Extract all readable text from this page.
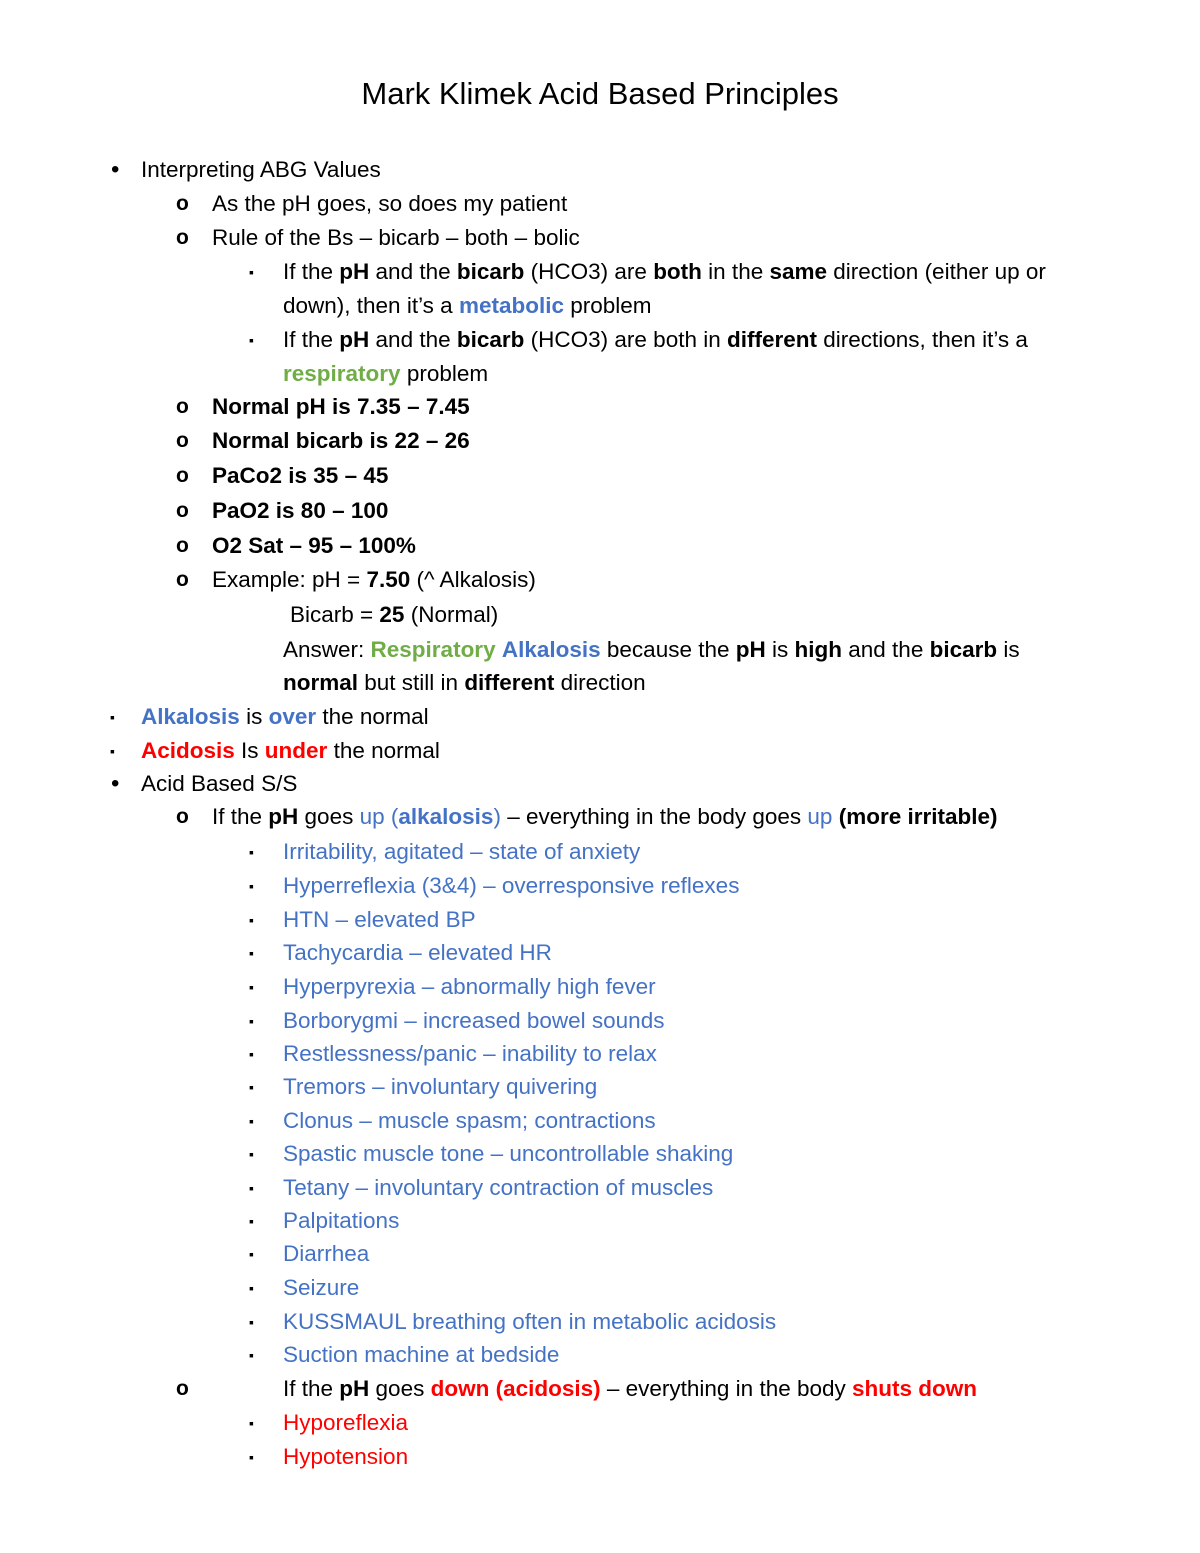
Mark Klimek Acid Based Principles
• Interpreting ABG Values
o As the pH goes, so does my patient
o Rule of the Bs – bicarb – both – bolic
▪ If the pH and the bicarb (HCO3) are both in the same direction (either up or
down), then it’s a metabolic problem
▪ If the pH and the bicarb (HCO3) are both in different directions, then it’s a
respiratory problem
o Normal pH is 7.35 – 7.45
o Normal bicarb is 22 – 26
o PaCo2 is 35 – 45
o PaO2 is 80 – 100
o O2 Sat – 95 – 100%
o Example: pH = 7.50 (^ Alkalosis)
Bicarb = 25 (Normal)
Answer: Respiratory Alkalosis because the pH is high and the bicarb is
normal but still in different direction
▪ Alkalosis is over the normal
▪ Acidosis Is under the normal
• Acid Based S/S
o If the pH goes up (alkalosis) – everything in the body goes up (more irritable)
▪ Irritability, agitated – state of anxiety
▪ Hyperreflexia (3&4) – overresponsive reflexes
▪ HTN – elevated BP
▪ Tachycardia – elevated HR
▪ Hyperpyrexia – abnormally high fever
▪ Borborygmi – increased bowel sounds
▪ Restlessness/panic – inability to relax
▪ Tremors – involuntary quivering
▪ Clonus – muscle spasm; contractions
▪ Spastic muscle tone – uncontrollable shaking
▪ Tetany – involuntary contraction of muscles
▪ Palpitations
▪ Diarrhea
▪ Seizure
▪ KUSSMAUL breathing often in metabolic acidosis
▪ Suction machine at bedside
o	If the pH goes down (acidosis) – everything in the body shuts down
▪ Hyporeflexia
▪ Hypotension
